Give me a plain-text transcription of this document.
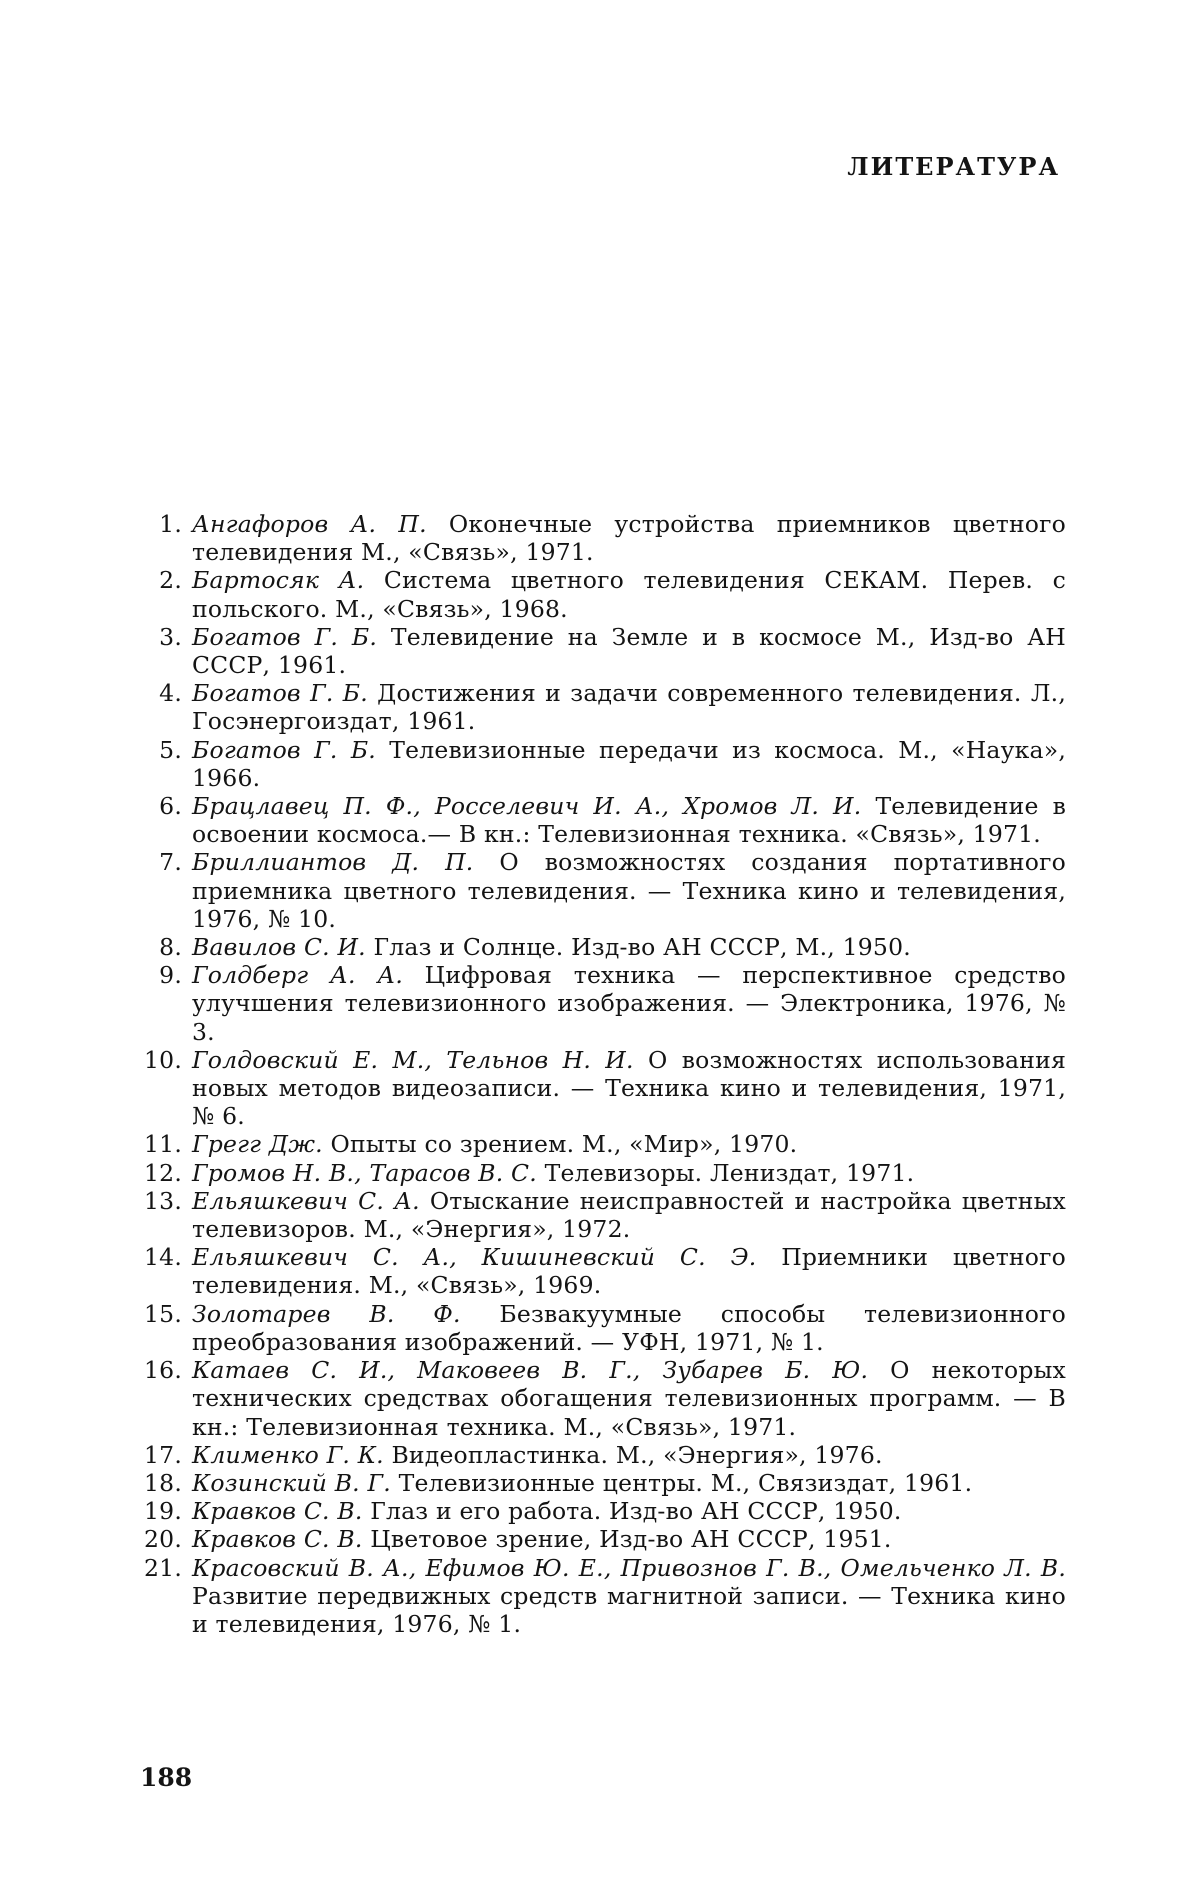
ЛИТЕРАТУРА
1. Ангафоров А. П. Оконечные устройства приемников цветного телевидения М., «Связь», 1971.
2. Бартосяк А. Система цветного телевидения СЕКАМ. Перев. с польского. М., «Связь», 1968.
3. Богатов Г. Б. Телевидение на Земле и в космосе М., Изд-во АН СССР, 1961.
4. Богатов Г. Б. Достижения и задачи современного телевидения. Л., Госэнергоиздат, 1961.
5. Богатов Г. Б. Телевизионные передачи из космоса. М., «Наука», 1966.
6. Брацлавец П. Ф., Росселевич И. А., Хромов Л. И. Телевидение в освоении космоса.— В кн.: Телевизионная техника. «Связь», 1971.
7. Бриллиантов Д. П. О возможностях создания портативного приемника цветного телевидения. — Техника кино и телевидения, 1976, № 10.
8. Вавилов С. И. Глаз и Солнце. Изд-во АН СССР, М., 1950.
9. Голдберг А. А. Цифровая техника — перспективное средство улучшения телевизионного изображения. — Электроника, 1976, № 3.
10. Голдовский Е. М., Тельнов Н. И. О возможностях использования новых методов видеозаписи. — Техника кино и телевидения, 1971, № 6.
11. Грегг Дж. Опыты со зрением. М., «Мир», 1970.
12. Громов Н. В., Тарасов В. С. Телевизоры. Лениздат, 1971.
13. Ельяшкевич С. А. Отыскание неисправностей и настройка цветных телевизоров. М., «Энергия», 1972.
14. Ельяшкевич С. А., Кишиневский С. Э. Приемники цветного телевидения. М., «Связь», 1969.
15. Золотарев В. Ф. Безвакуумные способы телевизионного преобразования изображений. — УФН, 1971, № 1.
16. Катаев С. И., Маковеев В. Г., Зубарев Б. Ю. О некоторых технических средствах обогащения телевизионных программ. — В кн.: Телевизионная техника. М., «Связь», 1971.
17. Клименко Г. К. Видеопластинка. М., «Энергия», 1976.
18. Козинский В. Г. Телевизионные центры. М., Связиздат, 1961.
19. Кравков С. В. Глаз и его работа. Изд-во АН СССР, 1950.
20. Кравков С. В. Цветовое зрение, Изд-во АН СССР, 1951.
21. Красовский В. А., Ефимов Ю. Е., Привознов Г. В., Омельченко Л. В. Развитие передвижных средств магнитной записи. — Техника кино и телевидения, 1976, № 1.

188
